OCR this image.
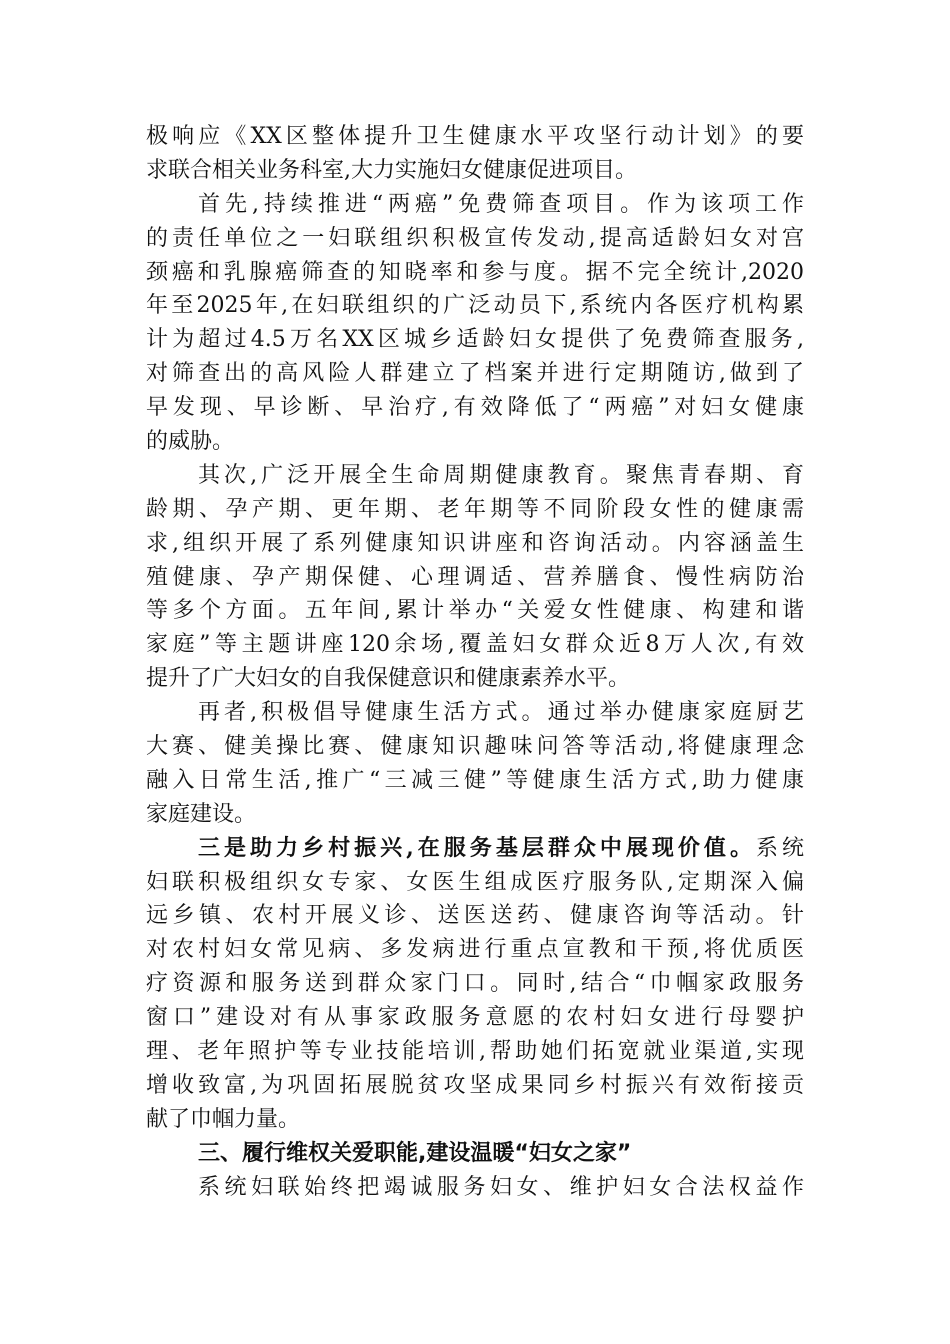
极响应《XX区整体提升卫生健康水平攻坚行动计划》的要
求联合相关业务科室,大力实施妇女健康促进项目。
首先,持续推进“两癌”免费筛查项目。作为该项工作
的责任单位之一妇联组织积极宣传发动,提高适龄妇女对宫
颈癌和乳腺癌筛查的知晓率和参与度。据不完全统计,2020
年至2025年,在妇联组织的广泛动员下,系统内各医疗机构累
计为超过4.5万名XX区城乡适龄妇女提供了免费筛查服务,
对筛查出的高风险人群建立了档案并进行定期随访,做到了
早发现、早诊断、早治疗,有效降低了“两癌”对妇女健康
的威胁。
其次,广泛开展全生命周期健康教育。聚焦青春期、育
龄期、孕产期、更年期、老年期等不同阶段女性的健康需
求,组织开展了系列健康知识讲座和咨询活动。内容涵盖生
殖健康、孕产期保健、心理调适、营养膳食、慢性病防治
等多个方面。五年间,累计举办“关爱女性健康、构建和谐
家庭”等主题讲座120余场,覆盖妇女群众近8万人次,有效
提升了广大妇女的自我保健意识和健康素养水平。
再者,积极倡导健康生活方式。通过举办健康家庭厨艺
大赛、健美操比赛、健康知识趣味问答等活动,将健康理念
融入日常生活,推广“三减三健”等健康生活方式,助力健康
家庭建设。
三是助力乡村振兴,在服务基层群众中展现价值。系统
妇联积极组织女专家、女医生组成医疗服务队,定期深入偏
远乡镇、农村开展义诊、送医送药、健康咨询等活动。针
对农村妇女常见病、多发病进行重点宣教和干预,将优质医
疗资源和服务送到群众家门口。同时,结合“巾帼家政服务
窗口”建设对有从事家政服务意愿的农村妇女进行母婴护
理、老年照护等专业技能培训,帮助她们拓宽就业渠道,实现
增收致富,为巩固拓展脱贫攻坚成果同乡村振兴有效衔接贡
献了巾帼力量。
三、履行维权关爱职能,建设温暖“妇女之家”
系统妇联始终把竭诚服务妇女、维护妇女合法权益作
